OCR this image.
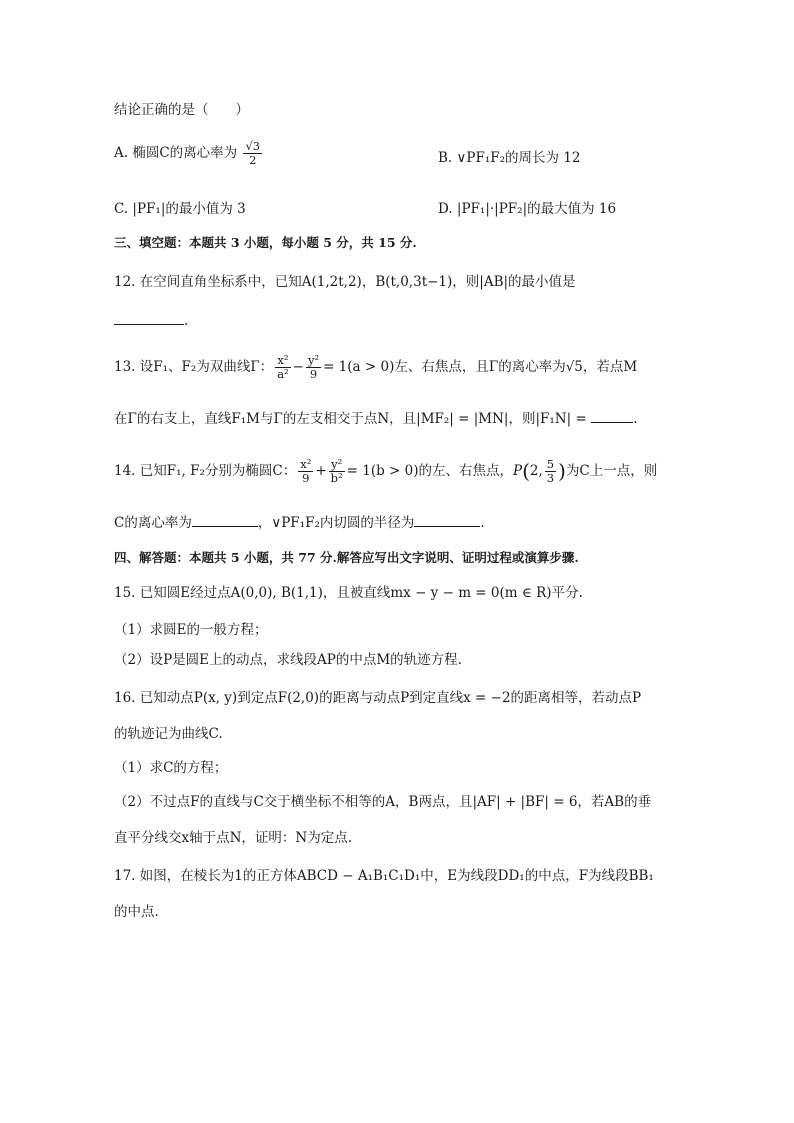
结论正确的是（　　）
A. 椭圆C的离心率为 $\frac{√3}{2}$	B. ∨PF₁F₂的周长为 12
C. |PF₁|的最小值为 3	D. |PF₁|·|PF₂|的最大值为 16
三、填空题：本题共 3 小题，每小题 5 分，共 15 分.
12. 在空间直角坐标系中，已知A(1,2t,2)，B(t,0,3t−1)，则|AB|的最小值是
.
13. 设F₁、F₂为双曲线Γ： $\frac{\text{x²}}{\text{a²}} - \frac{\text{y²}}{9} = 1(a > 0)$左、右焦点，且Γ的离心率为√5，若点M
在Γ的右支上，直线F₁M与Γ的左支相交于点N，且|MF₂| = |MN|，则|F₁N| =	.
14. 已知F₁, F₂分别为椭圆C： $\frac{\text{x²}}{9} + \frac{\text{y²}}{\text{b²}} = 1(b > 0)$的左、右焦点，P(2, $\frac{5}{3}$ )为C上一点，则
C的离心率为	，∨PF₁F₂内切圆的半径为	.
四、解答题：本题共 5 小题，共 77 分.解答应写出文字说明、证明过程或演算步骤.
15. 已知圆E经过点A(0,0), B(1,1)，且被直线mx − y − m = 0(m ∈ R)平分.
（1）求圆E的一般方程；
（2）设P是圆E上的动点，求线段AP的中点M的轨迹方程.
16. 已知动点P(x, y)到定点F(2,0)的距离与动点P到定直线x = −2的距离相等，若动点P
的轨迹记为曲线C.
（1）求C的方程；
（2）不过点F的直线与C交于横坐标不相等的A，B两点，且|AF| + |BF| = 6，若AB的垂
直平分线交x轴于点N，证明：N为定点.
17. 如图，在棱长为1的正方体ABCD − A₁B₁C₁D₁中，E为线段DD₁的中点，F为线段BB₁
的中点.
